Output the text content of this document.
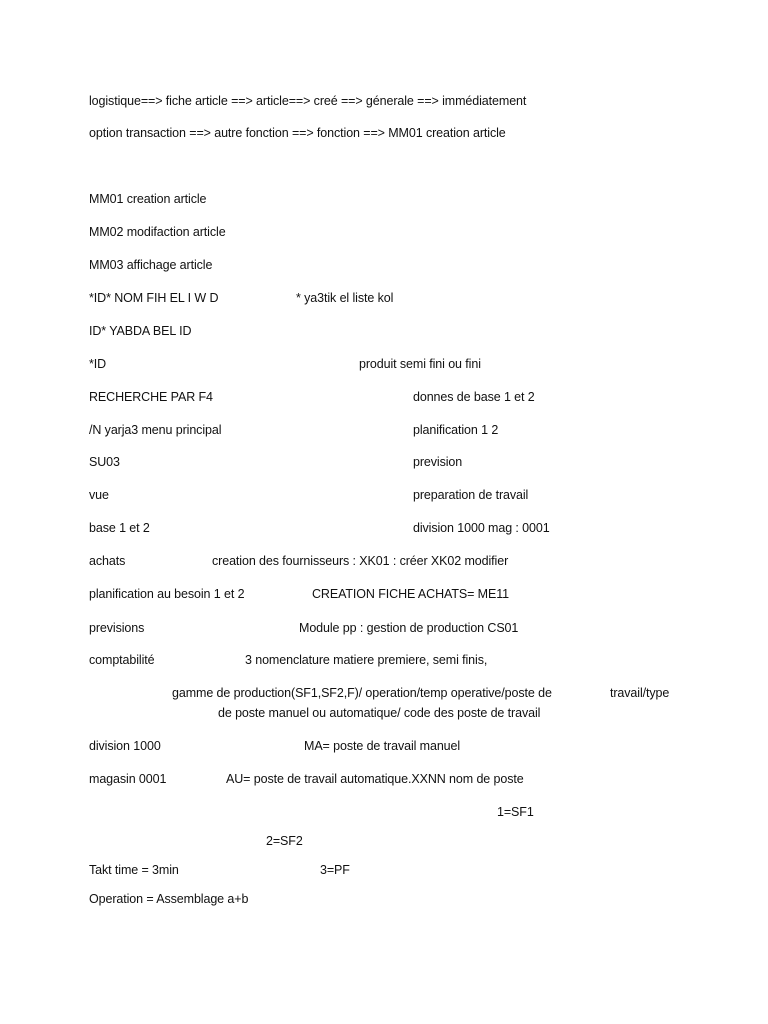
logistique==> fiche article ==> article==> creé ==> génerale ==> immédiatement
option transaction ==> autre fonction ==> fonction ==> MM01 creation article
MM01 creation article
MM02 modifaction article
MM03 affichage article
*ID* NOM FIH EL I W D	* ya3tik el liste kol
ID* YABDA BEL ID
*ID	produit semi fini ou fini
RECHERCHE PAR F4	donnes de base 1 et 2
/N yarja3 menu principal	planification 1 2
SU03	prevision
vue	preparation de travail
base 1 et 2	division 1000 mag : 0001
achats	creation des fournisseurs : XK01 : créer XK02 modifier
planification au besoin 1 et 2	CREATION FICHE ACHATS= ME11
previsions	Module pp : gestion de production CS01
comptabilité	3 nomenclature matiere premiere, semi finis,
gamme de production(SF1,SF2,F)/ operation/temp operative/poste de	travail/type
de poste manuel ou automatique/ code des poste de travail
division 1000	MA= poste de travail manuel
magasin 0001	AU= poste de travail automatique.XXNN nom de poste
1=SF1
2=SF2
Takt time = 3min	3=PF
Operation = Assemblage a+b
